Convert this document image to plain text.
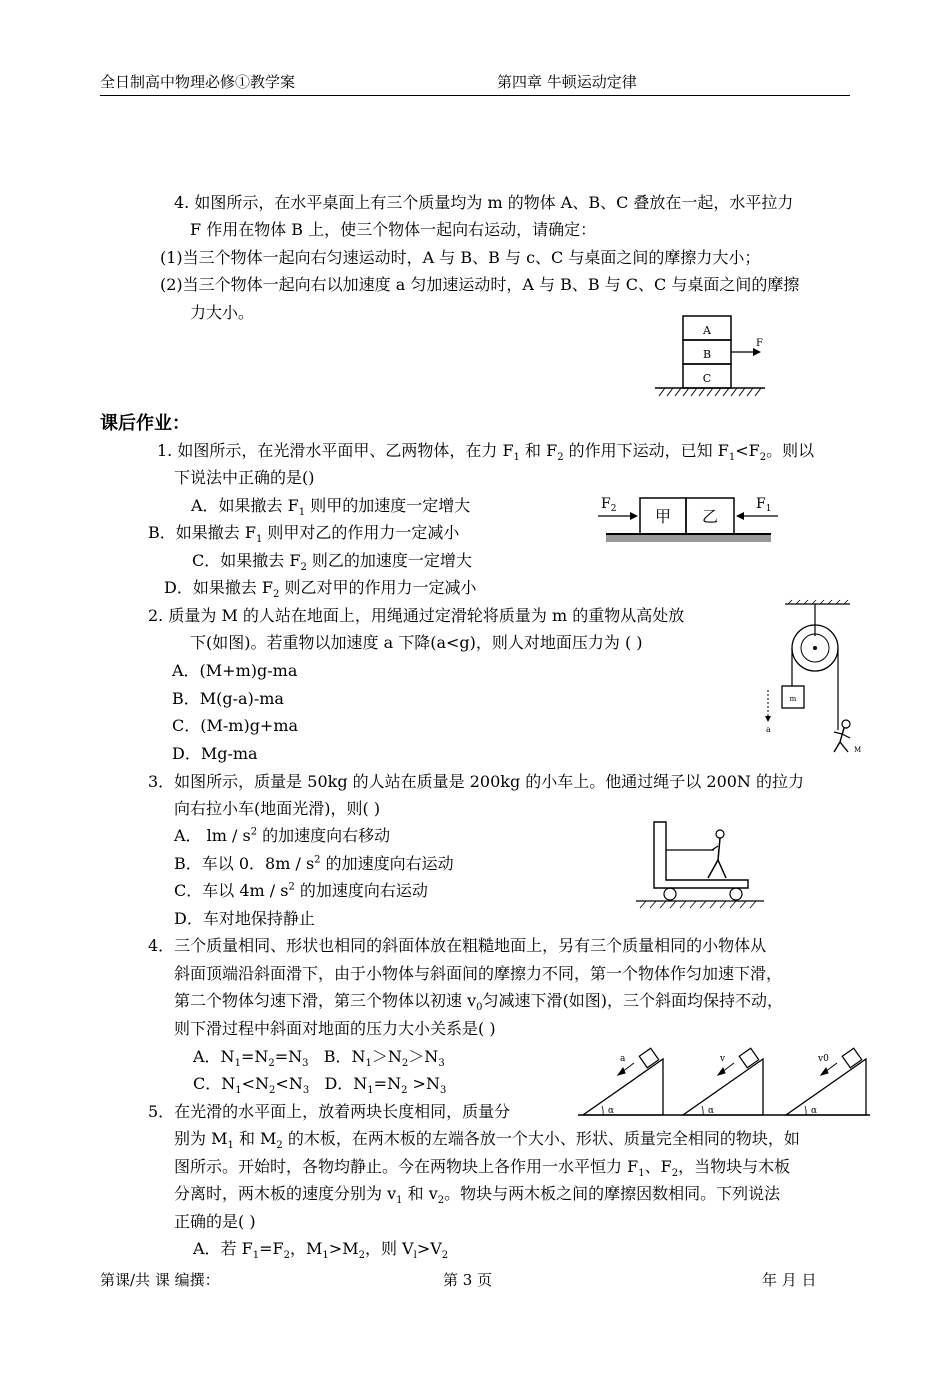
全日制高中物理必修①教学案	第四章 牛顿运动定律
4. 如图所示，在水平桌面上有三个质量均为 m 的物体 A、B、C 叠放在一起，水平拉力
F 作用在物体 B 上，使三个物体一起向右运动，请确定：
(1)当三个物体一起向右匀速运动时，A 与 B、B 与 c、C 与桌面之间的摩擦力大小；
(2)当三个物体一起向右以加速度 a 匀加速运动时，A 与 B、B 与 C、C 与桌面之间的摩擦
力大小。
A
B
C
F
课后作业：
1. 如图所示，在光滑水平面甲、乙两物体，在力 $F_1$ 和 $F_2$ 的作用下运动，已知 $F_1<F_2$。则以
下说法中正确的是()
A．如果撤去 $F_1$ 则甲的加速度一定增大
B．如果撤去 $F_1$ 则甲对乙的作用力一定减小
C．如果撤去 $F_2$ 则乙的加速度一定增大
D．如果撤去 $F_2$ 则乙对甲的作用力一定减小
$F_2$ 甲 乙
$F_1$
2. 质量为 M 的人站在地面上，用绳通过定滑轮将质量为 m 的重物从高处放
下(如图)。若重物以加速度 a 下降(a<g)，则人对地面压力为 ( )
A．(M+m)g-ma
B．M(g-a)-ma
C．(M-m)g+ma
D．Mg-ma
m
a
M
3．如图所示，质量是 50kg 的人站在质量是 200kg 的小车上。他通过绳子以 200N 的拉力
向右拉小车(地面光滑)，则( )
A． lm / $s^2$ 的加速度向右移动
B．车以 0．$8m / s^2$ 的加速度向右运动
C．车以 $4m / s^2$ 的加速度向右运动
D．车对地保持静止
4．三个质量相同、形状也相同的斜面体放在粗糙地面上，另有三个质量相同的小物体从
斜面顶端沿斜面滑下，由于小物体与斜面间的摩擦力不同，第一个物体作匀加速下滑，
第二个物体匀速下滑，第三个物体以初速 $v_0$匀减速下滑(如图)，三个斜面均保持不动，
则下滑过程中斜面对地面的压力大小关系是( )
A．$N_1=N_2=N_3$ B．$N_1>N_2>N_3$
C．$N_1<N_2<N_3$ D．$N_1=N_2 >N_3$
a	v	v0
α	α	α
5．在光滑的水平面上，放着两块长度相同，质量分
别为 $M_1$ 和 $M_2$ 的木板，在两木板的左端各放一个大小、形状、质量完全相同的物块，如
图所示。开始时，各物均静止。今在两物块上各作用一水平恒力 $F_1$、$F_2$，当物块与木板
分离时，两木板的速度分别为 $v_1$ 和 $v_2$。物块与两木板之间的摩擦因数相同。下列说法
正确的是( )
A．若 $F_1=F_2$，$M_1>M_2$，则 $V_l>V_2$
第课/共 课 编撰：	第 3 页	年 月 日
